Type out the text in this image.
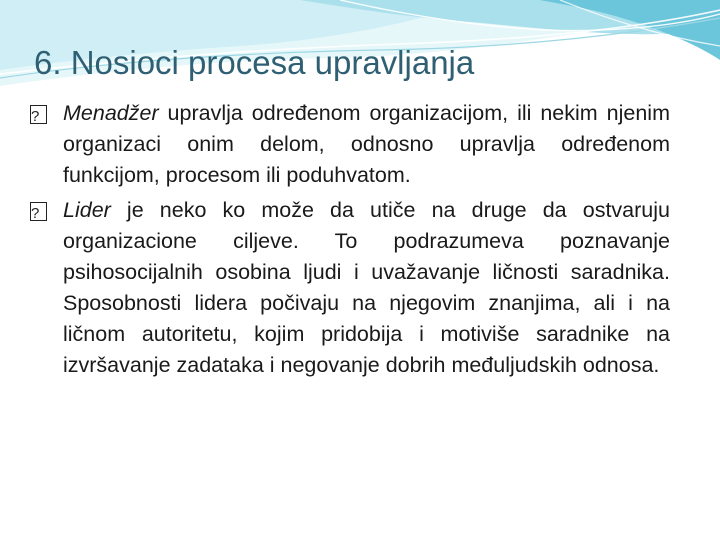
6. Nosioci procesa upravljanja
?
Menadžer upravlja određenom organizacijom, ili nekim njenim organizaci onim delom, odnosno upravlja određenom funkcijom, procesom ili poduhvatom.
?
Lider je neko ko može da utiče na druge da ostvaruju organizacione ciljeve. To podrazumeva poznavanje psihosocijalnih osobina ljudi i uvažavanje ličnosti saradnika. Sposobnosti lidera počivaju na njegovim znanjima, ali i na ličnom autoritetu, kojim pridobija i motiviše saradnike na izvršavanje zadataka i negovanje dobrih međuljudskih odnosa.
